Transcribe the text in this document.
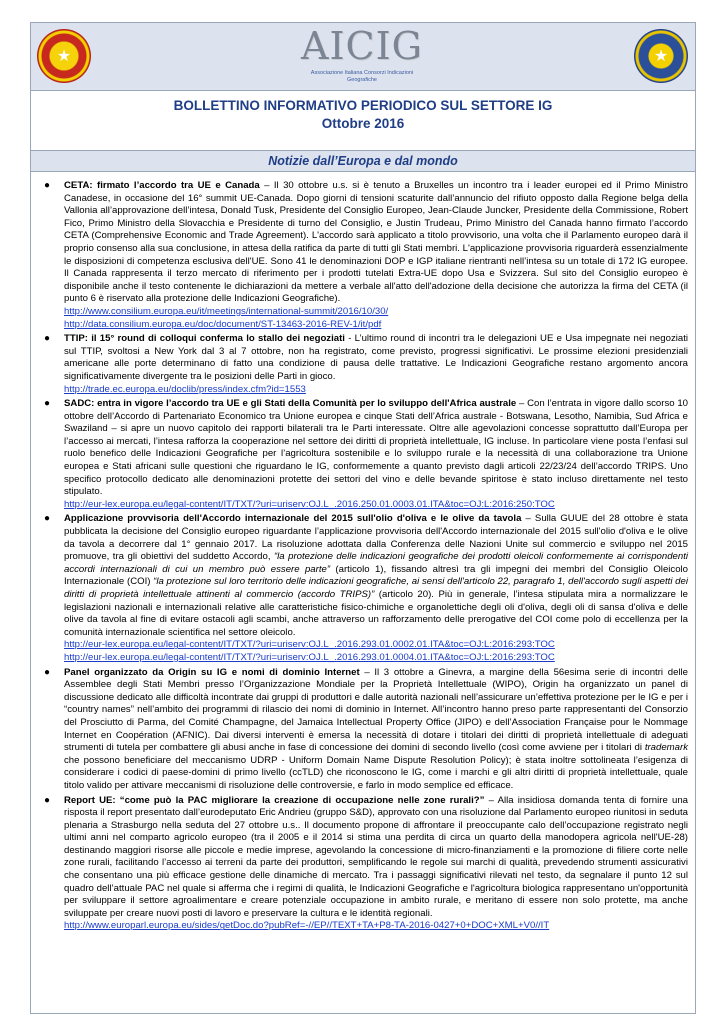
★	★
AICIG
Associazione Italiana Consorzi Indicazioni Geografiche
BOLLETTINO INFORMATIVO PERIODICO SUL SETTORE IG
Ottobre 2016
Notizie dall’Europa e dal mondo
● CETA: firmato l’accordo tra UE e Canada – Il 30 ottobre u.s. si è tenuto a Bruxelles un incontro tra i leader europei ed il Primo Ministro Canadese, in occasione del 16° summit UE-Canada. Dopo giorni di tensioni scaturite dall’annuncio del rifiuto opposto dalla Regione belga della Vallonia all’approvazione dell’intesa, Donald Tusk, Presidente del Consiglio Europeo, Jean-Claude Juncker, Presidente della Commissione, Robert Fico, Primo Ministro della Slovacchia e Presidente di turno del Consiglio, e Justin Trudeau, Primo Ministro del Canada hanno firmato l’accordo CETA (Comprehensive Economic and Trade Agreement). L'accordo sarà applicato a titolo provvisorio, una volta che il Parlamento europeo darà il proprio consenso alla sua conclusione, in attesa della ratifica da parte di tutti gli Stati membri. L'applicazione provvisoria riguarderà essenzialmente le disposizioni di competenza esclusiva dell'UE. Sono 41 le denominazioni DOP e IGP italiane rientranti nell’intesa su un totale di 172 IG europee. Il Canada rappresenta il terzo mercato di riferimento per i prodotti tutelati Extra-UE dopo Usa e Svizzera. Sul sito del Consiglio europeo è disponibile anche il testo contenente le dichiarazioni da mettere a verbale all'atto dell'adozione della decisione che autorizza la firma del CETA (il punto 6 è riservato alla protezione delle Indicazioni Geografiche).
http://www.consilium.europa.eu/it/meetings/international-summit/2016/10/30/
http://data.consilium.europa.eu/doc/document/ST-13463-2016-REV-1/it/pdf
● TTIP: il 15° round di colloqui conferma lo stallo dei negoziati - L’ultimo round di incontri tra le delegazioni UE e Usa impegnate nei negoziati sul TTIP, svoltosi a New York dal 3 al 7 ottobre, non ha registrato, come previsto, progressi significativi. Le prossime elezioni presidenziali americane alle porte determinano di fatto una condizione di pausa delle trattative. Le Indicazioni Geografiche restano argomento ancora significativamente divergente tra le posizioni delle Parti in gioco.
http://trade.ec.europa.eu/doclib/press/index.cfm?id=1553
● SADC: entra in vigore l’accordo tra UE e gli Stati della Comunità per lo sviluppo dell'Africa australe – Con l’entrata in vigore dallo scorso 10 ottobre dell’Accordo di Partenariato Economico tra Unione europea e cinque Stati dell’Africa australe - Botswana, Lesotho, Namibia, Sud Africa e Swaziland – si apre un nuovo capitolo dei rapporti bilaterali tra le Parti interessate. Oltre alle agevolazioni concesse soprattutto dall’Europa per l’accesso ai mercati, l’intesa rafforza la cooperazione nel settore dei diritti di proprietà intellettuale, IG incluse. In particolare viene posta l’enfasi sul ruolo benefico delle Indicazioni Geografiche per l’agricoltura sostenibile e lo sviluppo rurale e la necessità di una collaborazione tra Unione europea e Stati africani sulle questioni che riguardano le IG, conformemente a quanto previsto dagli articoli 22/23/24 dell’accordo TRIPS. Uno specifico protocollo dedicato alle denominazioni protette dei settori del vino e delle bevande spiritose è stato incluso direttamente nel testo stipulato.
http://eur-lex.europa.eu/legal-content/IT/TXT/?uri=uriserv:OJ.L_.2016.250.01.0003.01.ITA&toc=OJ:L:2016:250:TOC
● Applicazione provvisoria dell'Accordo internazionale del 2015 sull'olio d'oliva e le olive da tavola – Sulla GUUE del 28 ottobre è stata pubblicata la decisione del Consiglio europeo riguardante l’applicazione provvisoria dell'Accordo internazionale del 2015 sull'olio d'oliva e le olive da tavola a decorrere dal 1° gennaio 2017. La risoluzione adottata dalla Conferenza delle Nazioni Unite sul commercio e sviluppo nel 2015 promuove, tra gli obiettivi del suddetto Accordo, “la protezione delle indicazioni geografiche dei prodotti oleicoli conformemente ai corrispondenti accordi internazionali di cui un membro può essere parte” (articolo 1), fissando altresì tra gli impegni dei membri del Consiglio Oleicolo Internazionale (COI) “la protezione sul loro territorio delle indicazioni geografiche, ai sensi dell'articolo 22, paragrafo 1, dell'accordo sugli aspetti dei diritti di proprietà intellettuale attinenti al commercio (accordo TRIPS)” (articolo 20). Più in generale, l’intesa stipulata mira a normalizzare le legislazioni nazionali e internazionali relative alle caratteristiche fisico-chimiche e organolettiche degli oli d'oliva, degli oli di sansa d'oliva e delle olive da tavola al fine di evitare ostacoli agli scambi, anche attraverso un rafforzamento delle prerogative del COI come polo di eccellenza per la comunità internazionale scientifica nel settore oleicolo.
http://eur-lex.europa.eu/legal-content/IT/TXT/?uri=uriserv:OJ.L_.2016.293.01.0002.01.ITA&toc=OJ:L:2016:293:TOC
http://eur-lex.europa.eu/legal-content/IT/TXT/?uri=uriserv:OJ.L_.2016.293.01.0004.01.ITA&toc=OJ:L:2016:293:TOC
● Panel organizzato da Origin su IG e nomi di dominio Internet – Il 3 ottobre a Ginevra, a margine della 56esima serie di incontri delle Assemblee degli Stati Membri presso l’Organizzazione Mondiale per la Proprietà Intellettuale (WIPO), Origin ha organizzato un panel di discussione dedicato alle difficoltà incontrate dai gruppi di produttori e dalle autorità nazionali nell’assicurare un’effettiva protezione per le IG e per i “country names” nell’ambito dei programmi di rilascio dei nomi di dominio in Internet. All’incontro hanno preso parte rappresentanti del Consorzio del Prosciutto di Parma, del Comité Champagne, del Jamaica Intellectual Property Office (JIPO) e dell’Association Française pour le Nommage Internet en Coopération (AFNIC). Dai diversi interventi è emersa la necessità di dotare i titolari dei diritti di proprietà intellettuale di adeguati strumenti di tutela per combattere gli abusi anche in fase di concessione dei domini di secondo livello (così come avviene per i titolari di trademark che possono beneficiare del meccanismo UDRP - Uniform Domain Name Dispute Resolution Policy); è stata inoltre sottolineata l’esigenza di considerare i codici di paese-domini di primo livello (ccTLD) che riconoscono le IG, come i marchi e gli altri diritti di proprietà intellettuale, quale titolo valido per attivare meccanismi di risoluzione delle controversie, e farlo in modo semplice ed efficace.
● Report UE: “come può la PAC migliorare la creazione di occupazione nelle zone rurali?” – Alla insidiosa domanda tenta di fornire una risposta il report presentato dall’eurodeputato Eric Andrieu (gruppo S&D), approvato con una risoluzione dal Parlamento europeo riunitosi in seduta plenaria a Strasburgo nella seduta del 27 ottobre u.s.. Il documento propone di affrontare il preoccupante calo dell’occupazione registrato negli ultimi anni nel comparto agricolo europeo (tra il 2005 e il 2014 si stima una perdita di circa un quarto della manodopera agricola nell'UE-28) destinando maggiori risorse alle piccole e medie imprese, agevolando la concessione di micro-finanziamenti e la promozione di filiere corte nelle zone rurali, facilitando l’accesso ai terreni da parte dei produttori, semplificando le regole sui marchi di qualità, prevedendo strumenti assicurativi che consentano una più efficace gestione delle dinamiche di mercato. Tra i passaggi significativi rilevati nel testo, da segnalare il punto 12 sul quadro dell’attuale PAC nel quale si afferma che i regimi di qualità, le Indicazioni Geografiche e l'agricoltura biologica rappresentano un'opportunità per sviluppare il settore agroalimentare e creare potenziale occupazione in ambito rurale, e meritano di essere non solo protette, ma anche sviluppate per creare nuovi posti di lavoro e preservare la cultura e le identità regionali.
http://www.europarl.europa.eu/sides/getDoc.do?pubRef=-//EP//TEXT+TA+P8-TA-2016-0427+0+DOC+XML+V0//IT
